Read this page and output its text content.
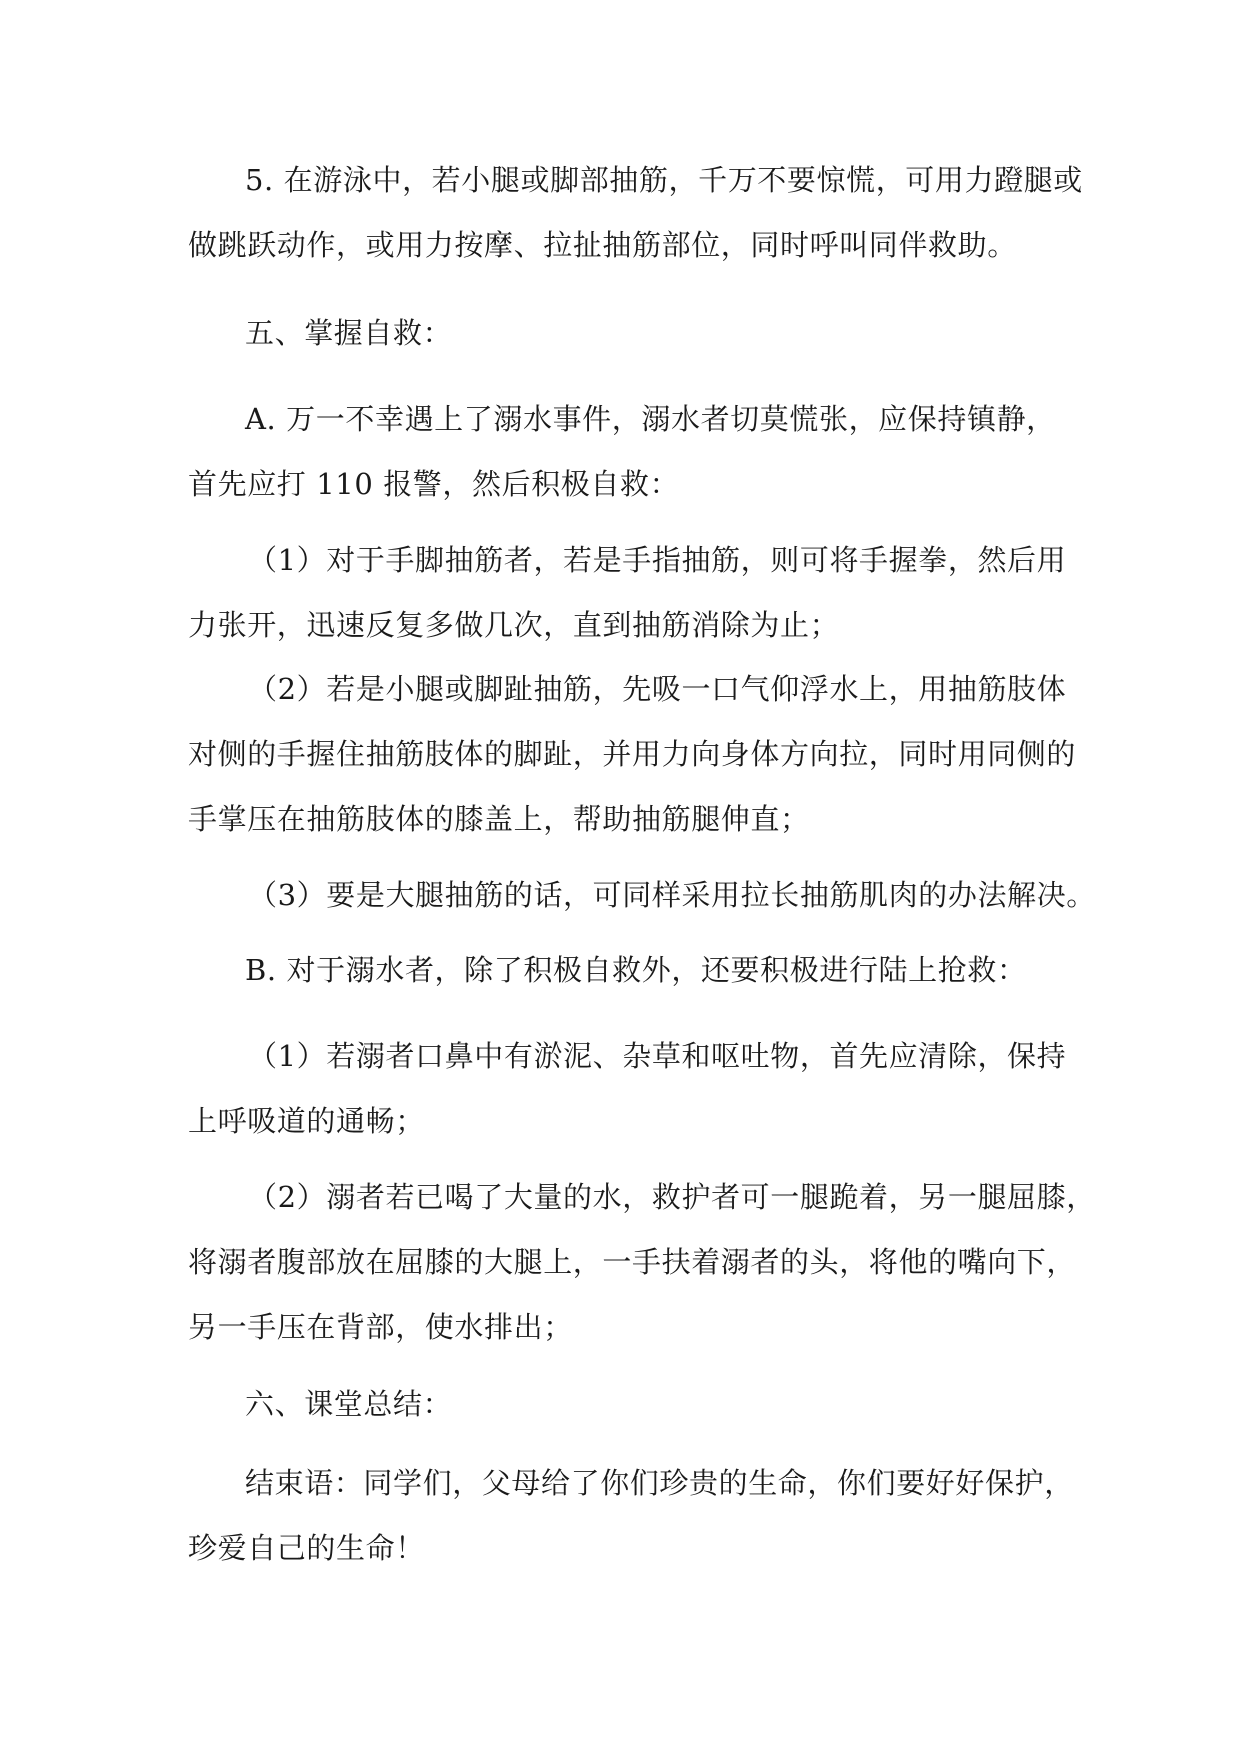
5. 在游泳中，若小腿或脚部抽筋，千万不要惊慌，可用力蹬腿或
做跳跃动作，或用力按摩、拉扯抽筋部位，同时呼叫同伴救助。
五、掌握自救：
A. 万一不幸遇上了溺水事件，溺水者切莫慌张，应保持镇静，
首先应打 110 报警，然后积极自救：
（1）对于手脚抽筋者，若是手指抽筋，则可将手握拳，然后用
力张开，迅速反复多做几次，直到抽筋消除为止；
（2）若是小腿或脚趾抽筋，先吸一口气仰浮水上，用抽筋肢体
对侧的手握住抽筋肢体的脚趾，并用力向身体方向拉，同时用同侧的
手掌压在抽筋肢体的膝盖上，帮助抽筋腿伸直；
（3）要是大腿抽筋的话，可同样采用拉长抽筋肌肉的办法解决。
B. 对于溺水者，除了积极自救外，还要积极进行陆上抢救：
（1）若溺者口鼻中有淤泥、杂草和呕吐物，首先应清除，保持
上呼吸道的通畅；
（2）溺者若已喝了大量的水，救护者可一腿跪着，另一腿屈膝，
将溺者腹部放在屈膝的大腿上，一手扶着溺者的头，将他的嘴向下，
另一手压在背部，使水排出；
六、课堂总结：
结束语：同学们，父母给了你们珍贵的生命，你们要好好保护，
珍爱自己的生命！
